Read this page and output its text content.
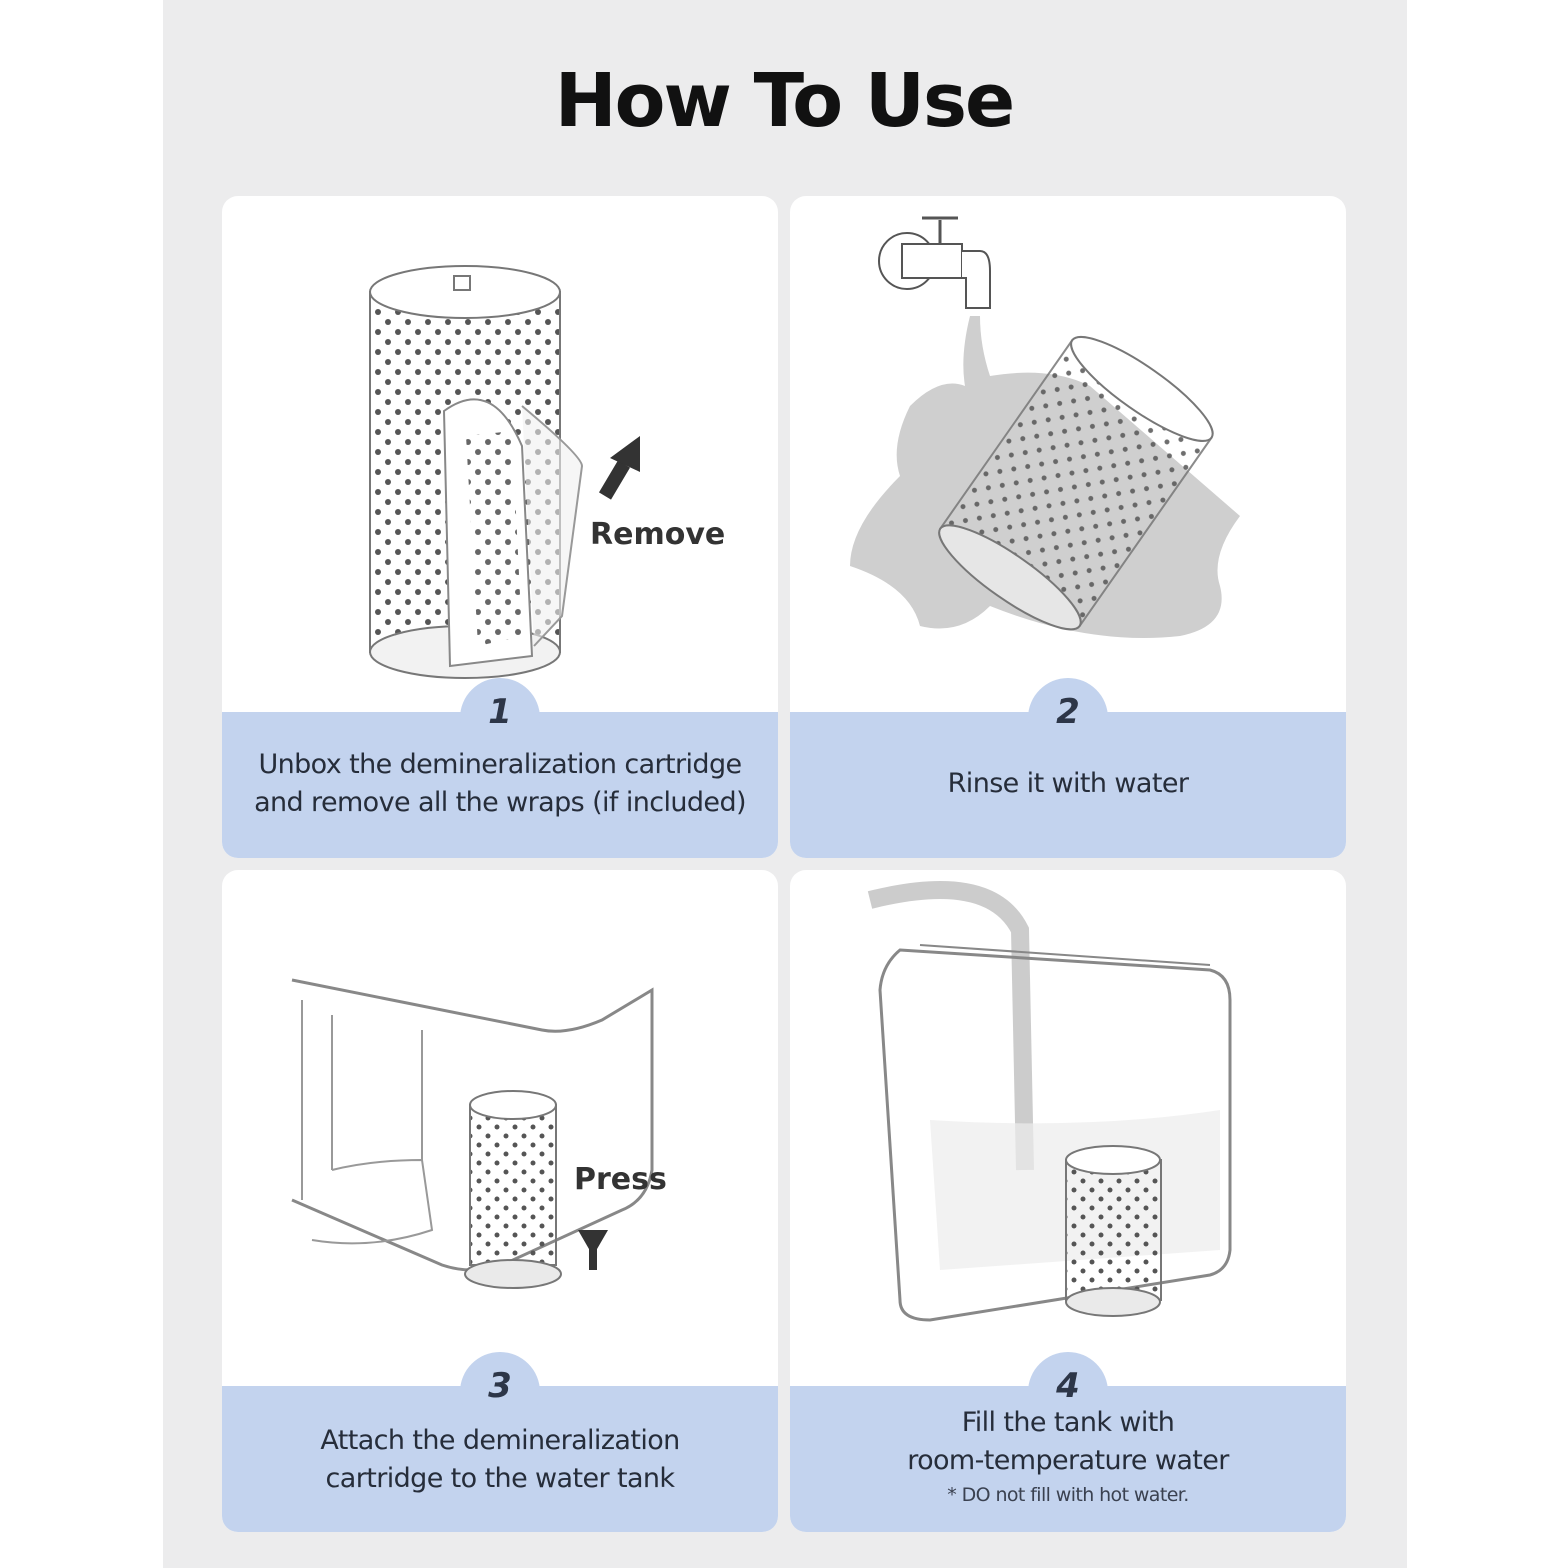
How To Use
Remove
1
Unbox the demineralization cartridge
and remove all the wraps (if included)
2
Rinse it with water
Press
3
Attach the demineralization
cartridge to the water tank
4
Fill the tank with
room-temperature water
* DO not fill with hot water.
